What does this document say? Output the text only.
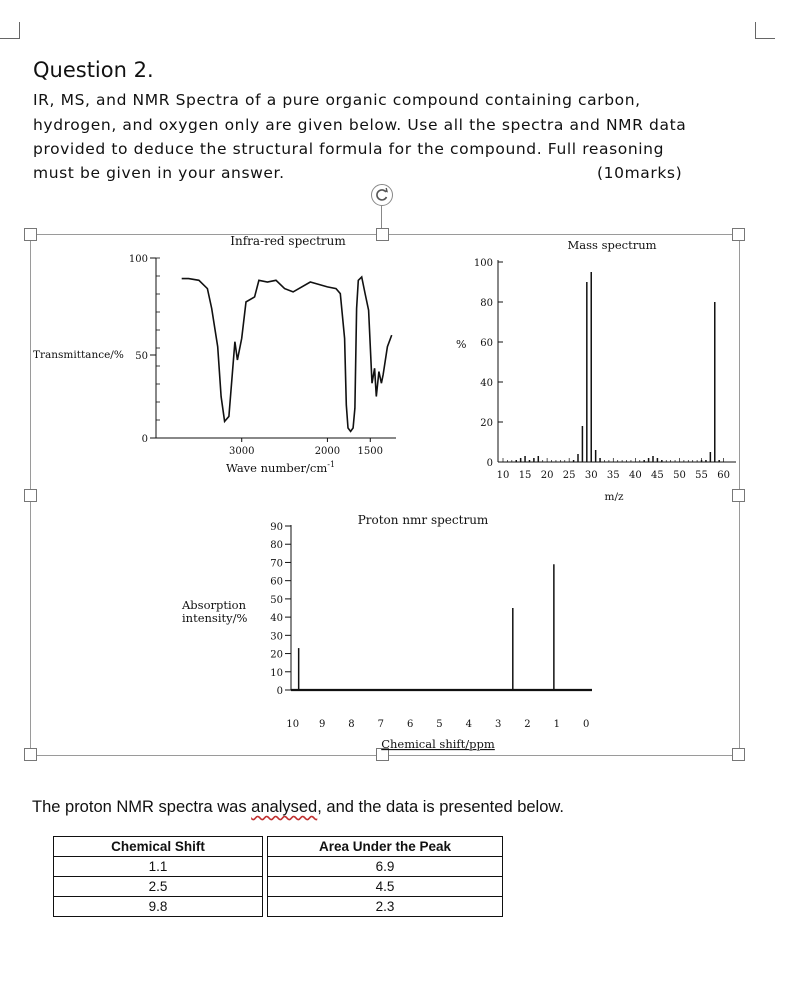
Question 2.
IR, MS, and NMR Spectra of a pure organic compound containing carbon,
hydrogen, and oxygen only are given below. Use all the spectra and NMR data
provided to deduce the structural formula for the compound. Full reasoning
must be given in your answer.	(10marks)
Infra-red spectrum
Transmittance/%
100
50
0
3000	2000 1500
Wave number/$cm^{-1}$
Mass spectrum
%
100
80
60
40
20
0
10 15 20 25 30 35 40 45 50 55 60
m/z
Proton nmr spectrum
Absorption
intensity/%
90
80
70
60
50
40
30
20
10
0
10 9 8 7 6 5 4 3 2 1 0
Chemical shift/ppm
The proton NMR spectra was analysed, and the data is presented below.
Chemical Shift		Area Under the Peak
1.1		6.9
2.5		4.5
9.8		2.3
